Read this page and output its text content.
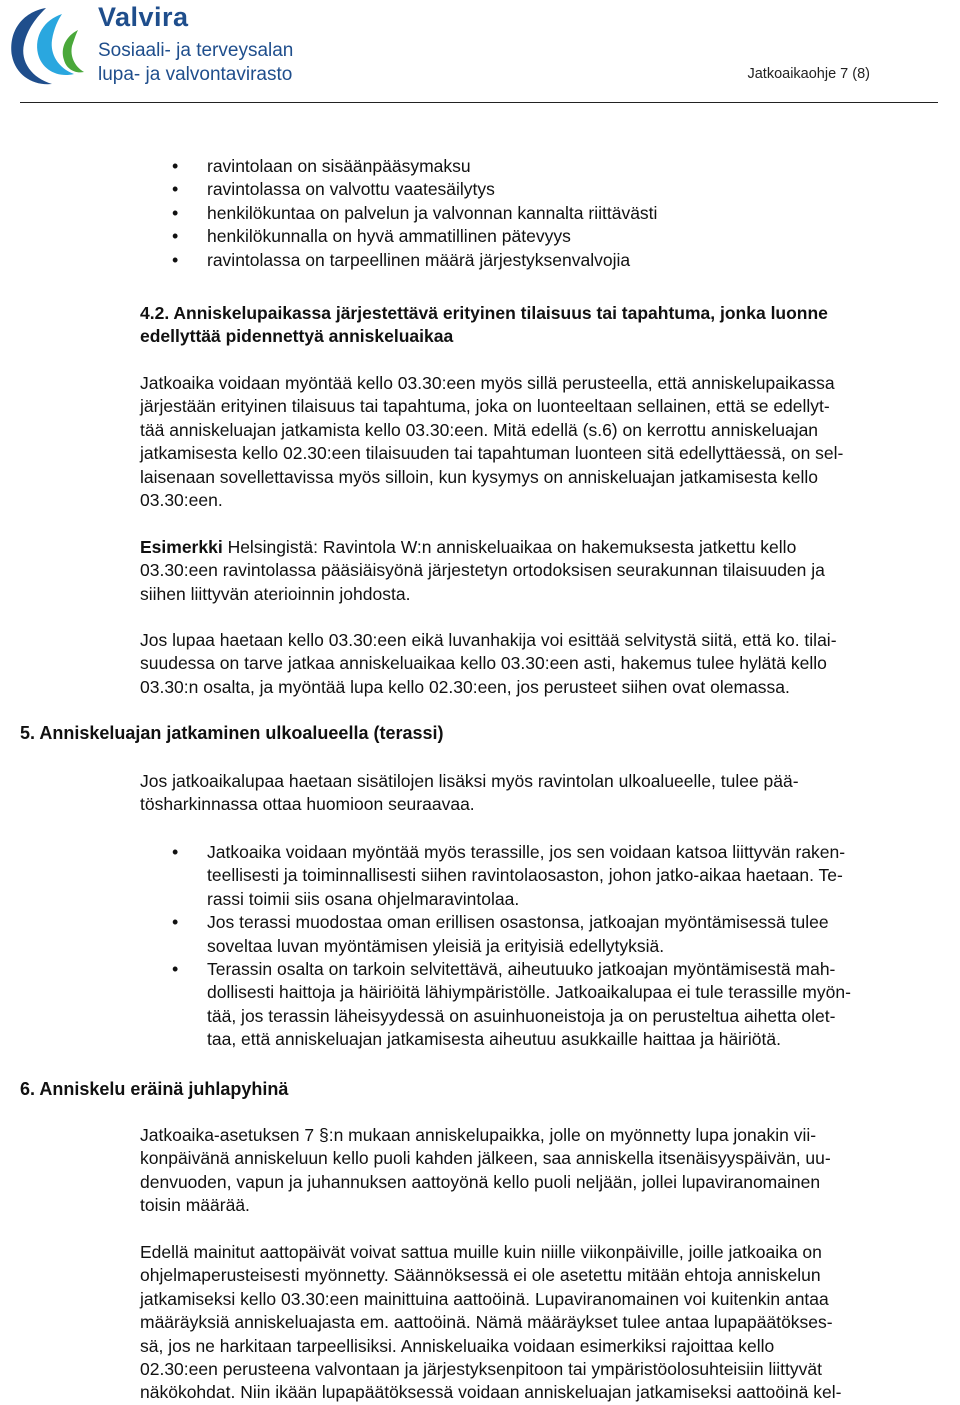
Valvira
Sosiaali- ja terveysalan
lupa- ja valvontavirasto	Jatkoaikaohje 7 (8)
• ravintolaan on sisäänpääsymaksu
• ravintolassa on valvottu vaatesäilytys
• henkilökuntaa on palvelun ja valvonnan kannalta riittävästi
• henkilökunnalla on hyvä ammatillinen pätevyys
• ravintolassa on tarpeellinen määrä järjestyksenvalvojia
4.2. Anniskelupaikassa järjestettävä erityinen tilaisuus tai tapahtuma, jonka luonne
edellyttää pidennettyä anniskeluaikaa
Jatkoaika voidaan myöntää kello 03.30:een myös sillä perusteella, että anniskelupaikassa
järjestään erityinen tilaisuus tai tapahtuma, joka on luonteeltaan sellainen, että se edellyt-
tää anniskeluajan jatkamista kello 03.30:een. Mitä edellä (s.6) on kerrottu anniskeluajan
jatkamisesta kello 02.30:een tilaisuuden tai tapahtuman luonteen sitä edellyttäessä, on sel-
laisenaan sovellettavissa myös silloin, kun kysymys on anniskeluajan jatkamisesta kello
03.30:een.
Esimerkki Helsingistä: Ravintola W:n anniskeluaikaa on hakemuksesta jatkettu kello
03.30:een ravintolassa pääsiäisyönä järjestetyn ortodoksisen seurakunnan tilaisuuden ja
siihen liittyvän aterioinnin johdosta.
Jos lupaa haetaan kello 03.30:een eikä luvanhakija voi esittää selvitystä siitä, että ko. tilai-
suudessa on tarve jatkaa anniskeluaikaa kello 03.30:een asti, hakemus tulee hylätä kello
03.30:n osalta, ja myöntää lupa kello 02.30:een, jos perusteet siihen ovat olemassa.
5. Anniskeluajan jatkaminen ulkoalueella (terassi)
Jos jatkoaikalupaa haetaan sisätilojen lisäksi myös ravintolan ulkoalueelle, tulee pää-
tösharkinnassa ottaa huomioon seuraavaa.
• Jatkoaika voidaan myöntää myös terassille, jos sen voidaan katsoa liittyvän raken-
teellisesti ja toiminnallisesti siihen ravintolaosaston, johon jatko-aikaa haetaan. Te-
rassi toimii siis osana ohjelmaravintolaa.
• Jos terassi muodostaa oman erillisen osastonsa, jatkoajan myöntämisessä tulee
soveltaa luvan myöntämisen yleisiä ja erityisiä edellytyksiä.
• Terassin osalta on tarkoin selvitettävä, aiheutuuko jatkoajan myöntämisestä mah-
dollisesti haittoja ja häiriöitä lähiympäristölle. Jatkoaikalupaa ei tule terassille myön-
tää, jos terassin läheisyydessä on asuinhuoneistoja ja on perusteltua aihetta olet-
taa, että anniskeluajan jatkamisesta aiheutuu asukkaille haittaa ja häiriötä.
6. Anniskelu eräinä juhlapyhinä
Jatkoaika-asetuksen 7 §:n mukaan anniskelupaikka, jolle on myönnetty lupa jonakin vii-
konpäivänä anniskeluun kello puoli kahden jälkeen, saa anniskella itsenäisyyspäivän, uu-
denvuoden, vapun ja juhannuksen aattoyönä kello puoli neljään, jollei lupaviranomainen
toisin määrää.
Edellä mainitut aattopäivät voivat sattua muille kuin niille viikonpäiville, joille jatkoaika on
ohjelmaperusteisesti myönnetty. Säännöksessä ei ole asetettu mitään ehtoja anniskelun
jatkamiseksi kello 03.30:een mainittuina aattoöinä. Lupaviranomainen voi kuitenkin antaa
määräyksiä anniskeluajasta em. aattoöinä. Nämä määräykset tulee antaa lupapäätökses-
sä, jos ne harkitaan tarpeellisiksi. Anniskeluaika voidaan esimerkiksi rajoittaa kello
02.30:een perusteena valvontaan ja järjestyksenpitoon tai ympäristöolosuhteisiin liittyvät
näkökohdat. Niin ikään lupapäätöksessä voidaan anniskeluajan jatkamiseksi aattoöinä kel-
